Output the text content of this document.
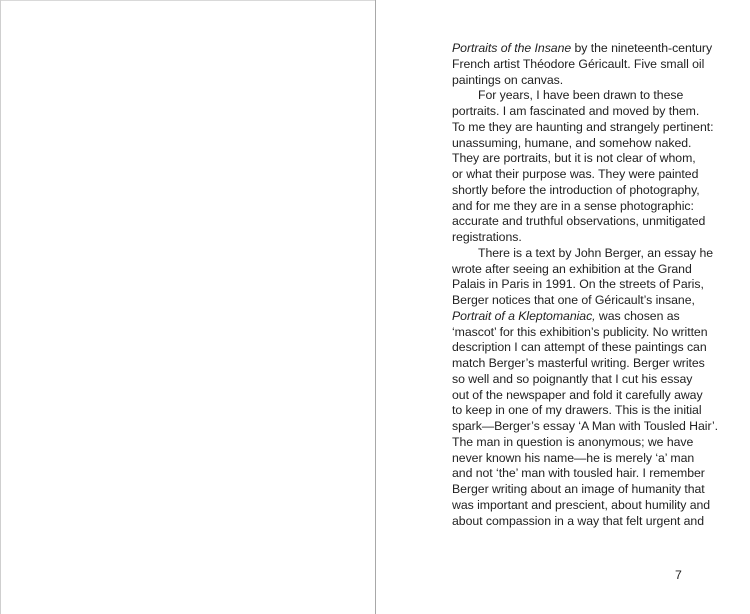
Portraits of the Insane by the nineteenth-century
French artist Théodore Géricault. Five small oil
paintings on canvas.
For years, I have been drawn to these
portraits. I am fascinated and moved by them.
To me they are haunting and strangely pertinent:
unassuming, humane, and somehow naked.
They are portraits, but it is not clear of whom,
or what their purpose was. They were painted
shortly before the introduction of photography,
and for me they are in a sense photographic:
accurate and truthful observations, unmitigated
registrations.
There is a text by John Berger, an essay he
wrote after seeing an exhibition at the Grand
Palais in Paris in 1991. On the streets of Paris,
Berger notices that one of Géricault’s insane,
Portrait of a Kleptomaniac, was chosen as
‘mascot’ for this exhibition’s publicity. No written
description I can attempt of these paintings can
match Berger’s masterful writing. Berger writes
so well and so poignantly that I cut his essay
out of the newspaper and fold it carefully away
to keep in one of my drawers. This is the initial
spark—Berger’s essay ‘A Man with Tousled Hair’.
The man in question is anonymous; we have
never known his name—he is merely ‘a’ man
and not ‘the’ man with tousled hair. I remember
Berger writing about an image of humanity that
was important and prescient, about humility and
about compassion in a way that felt urgent and
7
